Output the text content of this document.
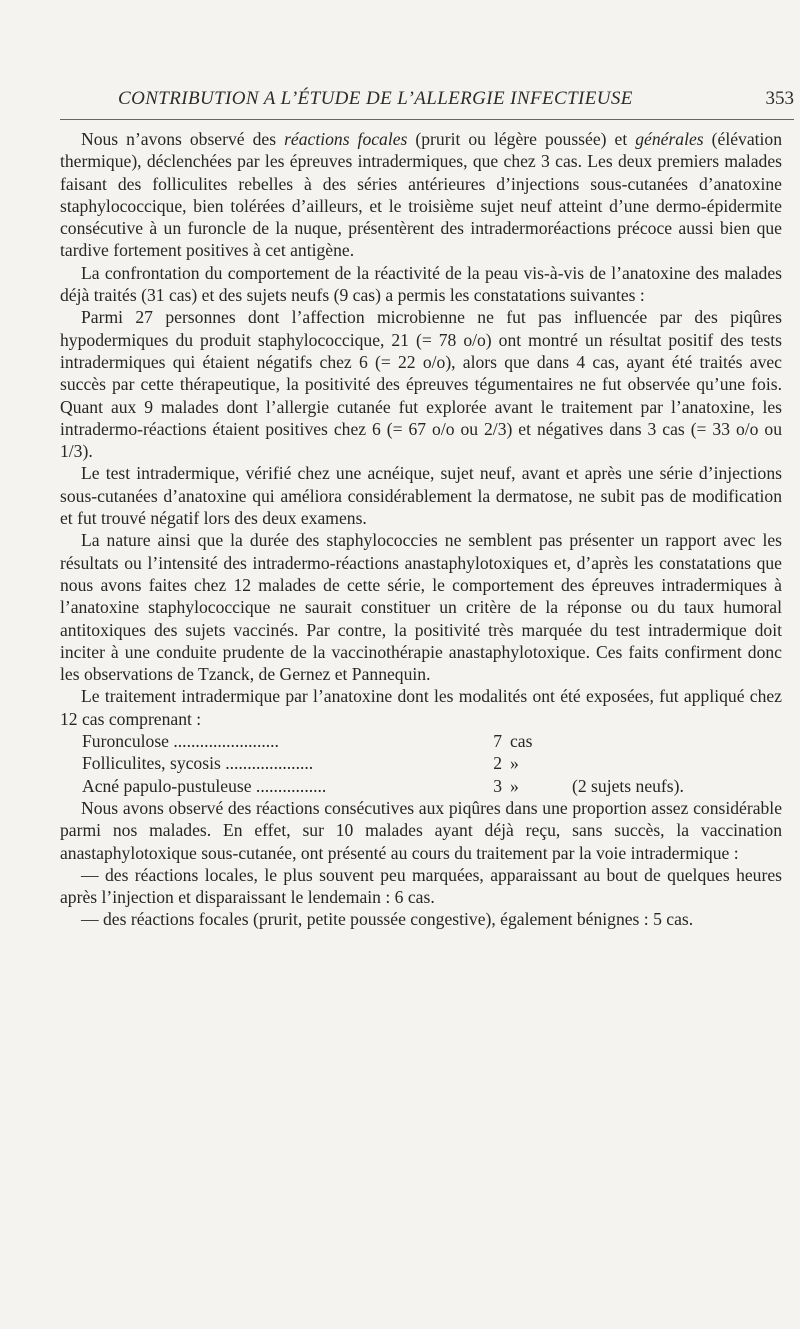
CONTRIBUTION A L’ÉTUDE DE L’ALLERGIE INFECTIEUSE	353

Nous n’avons observé des réactions focales (prurit ou légère poussée) et générales (élévation thermique), déclenchées par les épreuves intradermiques, que chez 3 cas. Les deux premiers malades faisant des folliculites rebelles à des séries antérieures d’injections sous-cutanées d’anatoxine staphylococcique, bien tolérées d’ailleurs, et le troisième sujet neuf atteint d’une dermo-épidermite consécutive à un furoncle de la nuque, présentèrent des intradermoréactions précoce aussi bien que tardive fortement positives à cet antigène.

La confrontation du comportement de la réactivité de la peau vis-à-vis de l’anatoxine des malades déjà traités (31 cas) et des sujets neufs (9 cas) a permis les constatations suivantes :

Parmi 27 personnes dont l’affection microbienne ne fut pas influencée par des piqûres hypodermiques du produit staphylococcique, 21 (= 78 o/o) ont montré un résultat positif des tests intradermiques qui étaient négatifs chez 6 (= 22 o/o), alors que dans 4 cas, ayant été traités avec succès par cette thérapeutique, la positivité des épreuves tégumentaires ne fut observée qu’une fois. Quant aux 9 malades dont l’allergie cutanée fut explorée avant le traitement par l’anatoxine, les intradermo-réactions étaient positives chez 6 (= 67 o/o ou 2/3) et négatives dans 3 cas (= 33 o/o ou 1/3).

Le test intradermique, vérifié chez une acnéique, sujet neuf, avant et après une série d’injections sous-cutanées d’anatoxine qui améliora considérablement la dermatose, ne subit pas de modification et fut trouvé négatif lors des deux examens.

La nature ainsi que la durée des staphylococcies ne semblent pas présenter un rapport avec les résultats ou l’intensité des intradermo-réactions anastaphylotoxiques et, d’après les constatations que nous avons faites chez 12 malades de cette série, le comportement des épreuves intradermiques à l’anatoxine staphylococcique ne saurait constituer un critère de la réponse ou du taux humoral antitoxiques des sujets vaccinés. Par contre, la positivité très marquée du test intradermique doit inciter à une conduite prudente de la vaccinothérapie anastaphylotoxique. Ces faits confirment donc les observations de Tzanck, de Gernez et Pannequin.

Le traitement intradermique par l’anatoxine dont les modalités ont été exposées, fut appliqué chez 12 cas comprenant :

Furonculose ........................	7 cas
Folliculites, sycosis ....................	2 »
Acné papulo-pustuleuse ................	3 »	(2 sujets neufs).

Nous avons observé des réactions consécutives aux piqûres dans une proportion assez considérable parmi nos malades. En effet, sur 10 malades ayant déjà reçu, sans succès, la vaccination anastaphylotoxique sous-cutanée, ont présenté au cours du traitement par la voie intradermique :

— des réactions locales, le plus souvent peu marquées, apparaissant au bout de quelques heures après l’injection et disparaissant le lendemain : 6 cas.

— des réactions focales (prurit, petite poussée congestive), également bénignes : 5 cas.
